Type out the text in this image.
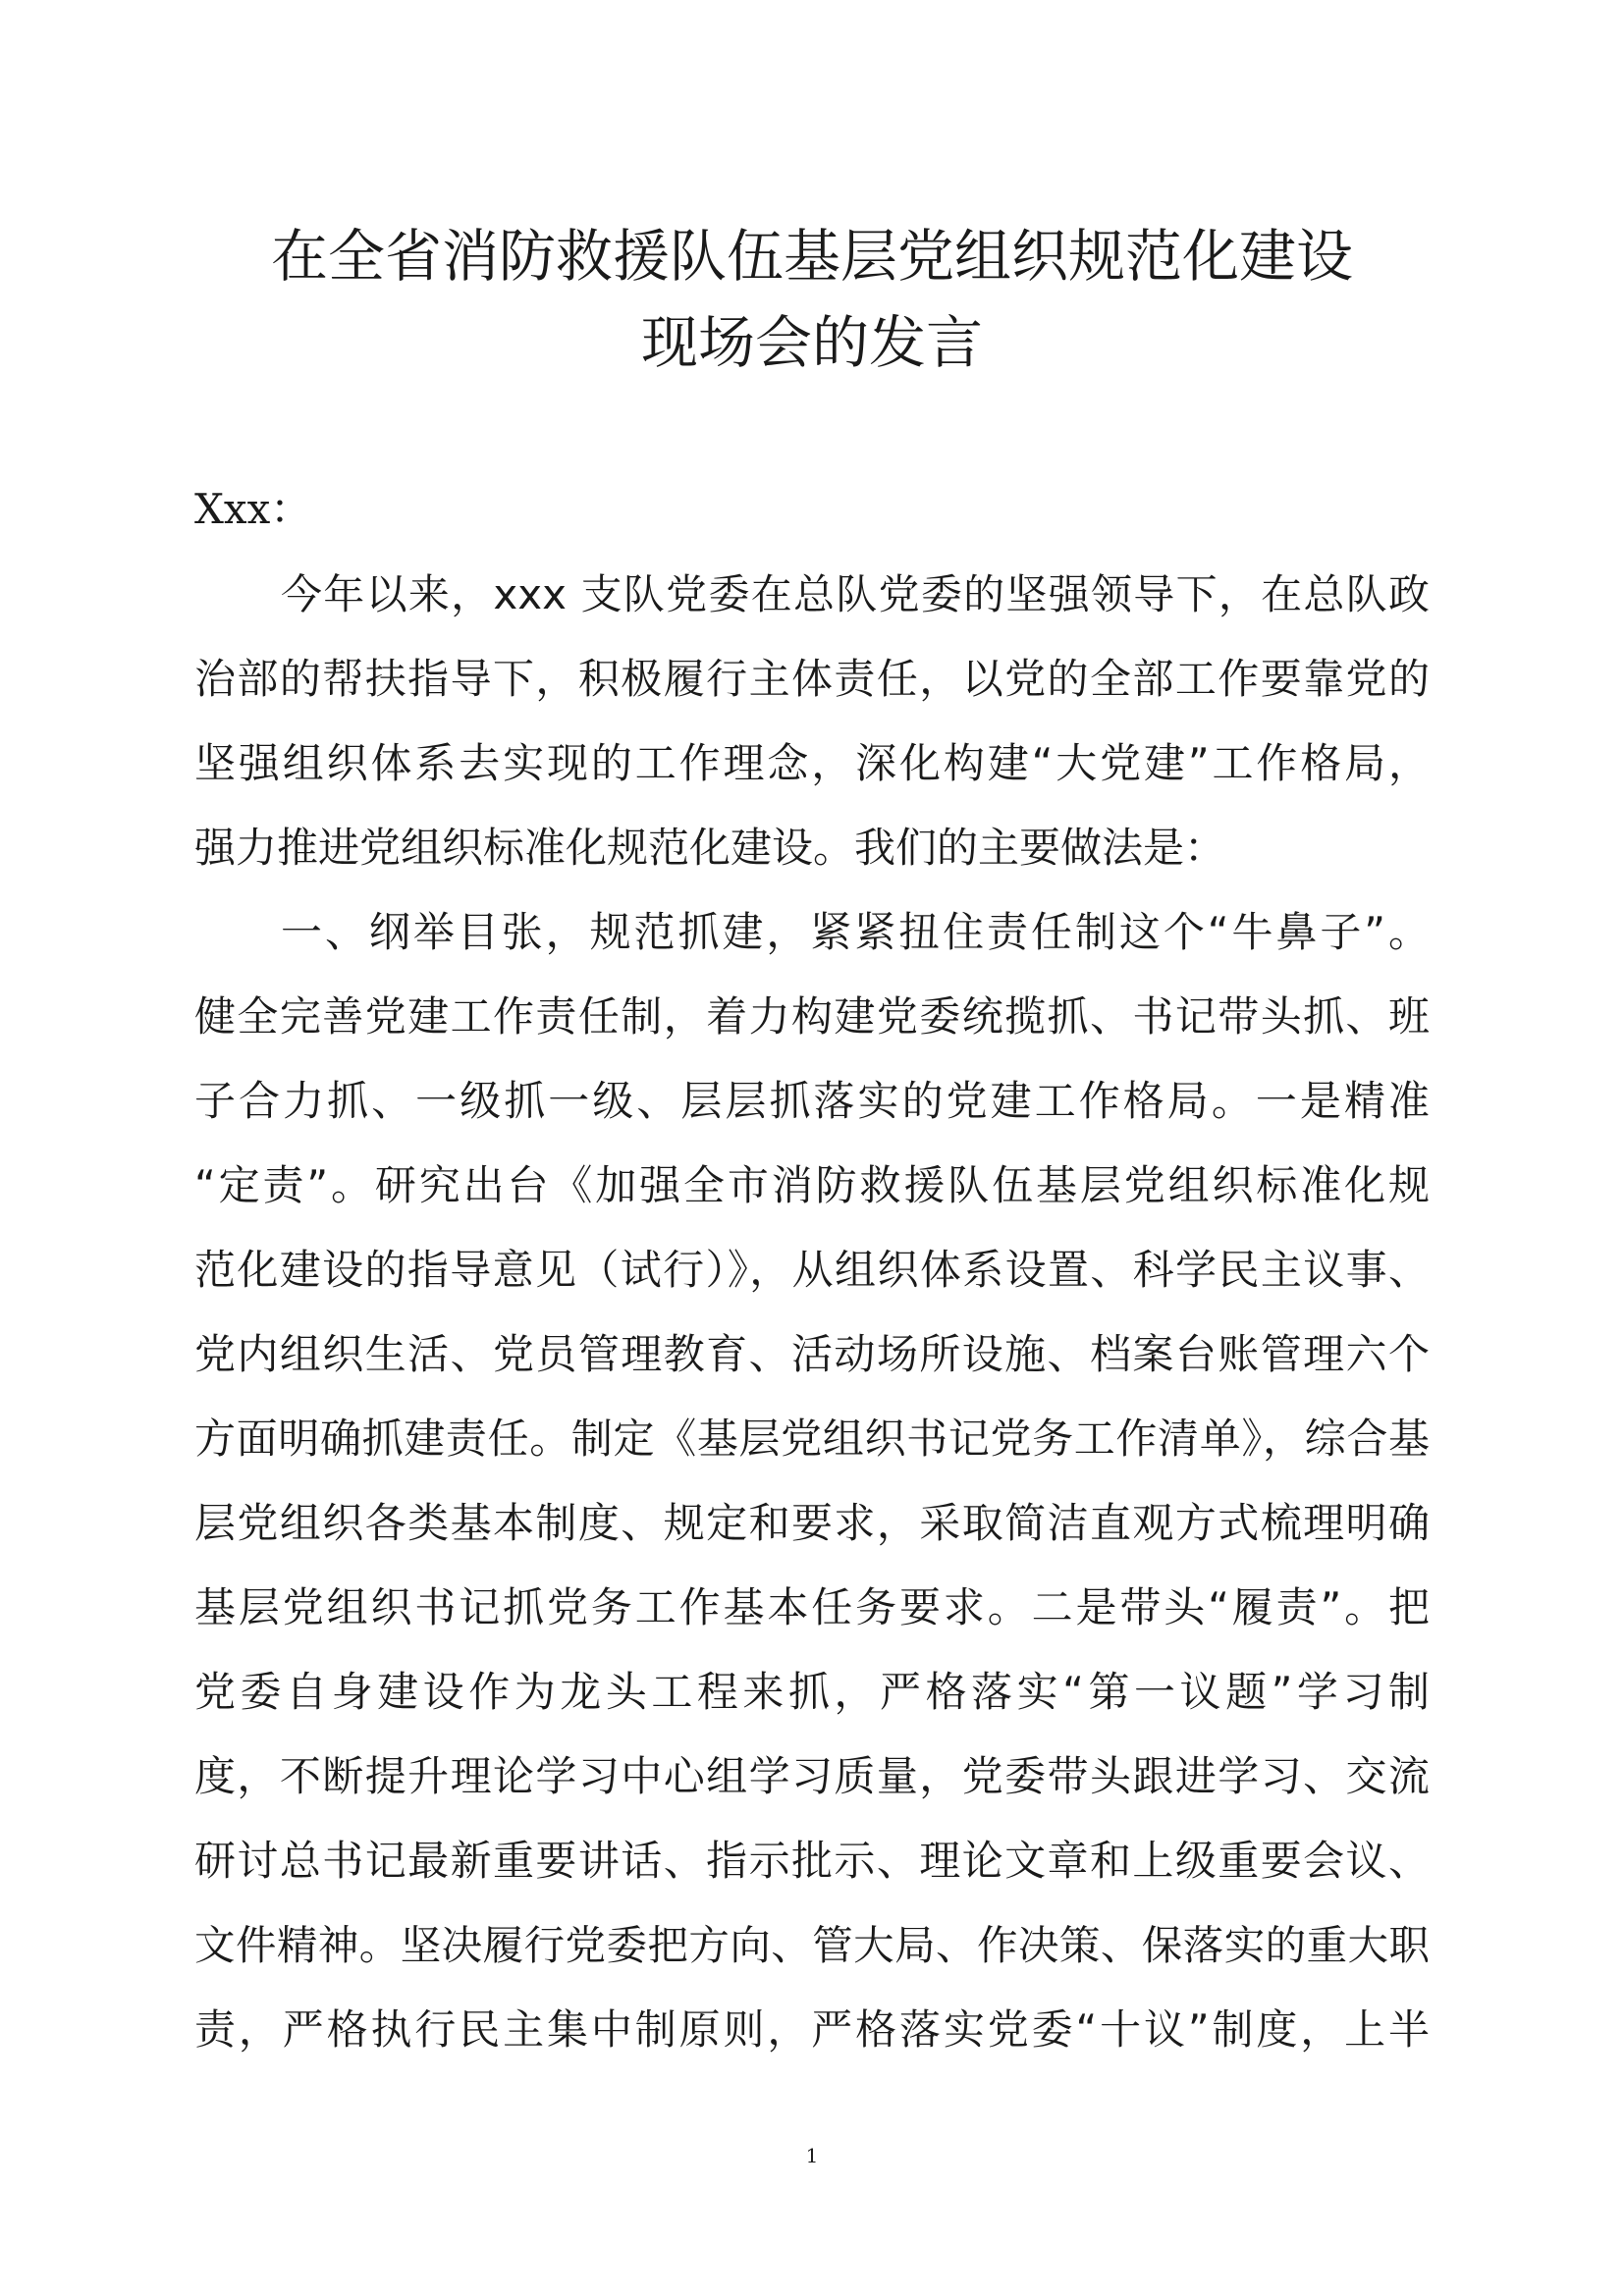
在全省消防救援队伍基层党组织规范化建设
现场会的发言
Xxx：
今年以来，xxx 支队党委在总队党委的坚强领导下，在总队政
治部的帮扶指导下，积极履行主体责任，以党的全部工作要靠党的
坚强组织体系去实现的工作理念，深化构建“大党建”工作格局，
强力推进党组织标准化规范化建设。我们的主要做法是：
一、纲举目张，规范抓建，紧紧扭住责任制这个“牛鼻子”。
健全完善党建工作责任制，着力构建党委统揽抓、书记带头抓、班
子合力抓、一级抓一级、层层抓落实的党建工作格局。一是精准
“定责”。研究出台《加强全市消防救援队伍基层党组织标准化规
范化建设的指导意见（试行）》，从组织体系设置、科学民主议事、
党内组织生活、党员管理教育、活动场所设施、档案台账管理六个
方面明确抓建责任。制定《基层党组织书记党务工作清单》，综合基
层党组织各类基本制度、规定和要求，采取简洁直观方式梳理明确
基层党组织书记抓党务工作基本任务要求。二是带头“履责”。把
党委自身建设作为龙头工程来抓，严格落实“第一议题”学习制
度，不断提升理论学习中心组学习质量，党委带头跟进学习、交流
研讨总书记最新重要讲话、指示批示、理论文章和上级重要会议、
文件精神。坚决履行党委把方向、管大局、作决策、保落实的重大职
责，严格执行民主集中制原则，严格落实党委“十议”制度，上半
1
